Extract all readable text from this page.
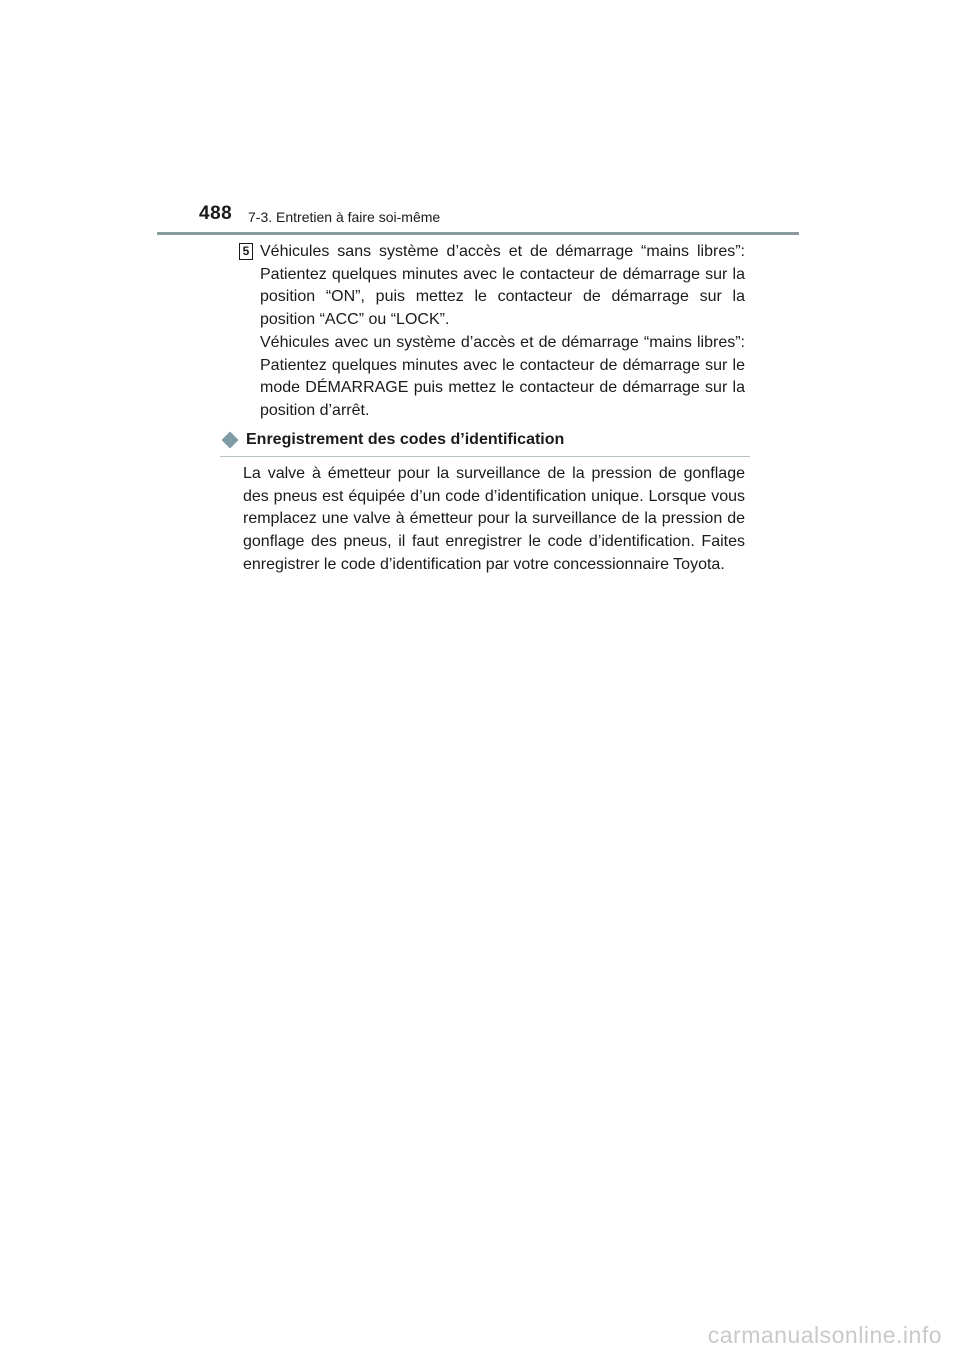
488 7-3. Entretien à faire soi-même
5 Véhicules sans système d’accès et de démarrage “mains libres”: Patientez quelques minutes avec le contacteur de démarrage sur la position “ON”, puis mettez le contacteur de démarrage sur la position “ACC” ou “LOCK”.

Véhicules avec un système d’accès et de démarrage “mains libres”: Patientez quelques minutes avec le contacteur de démarrage sur le mode DÉMARRAGE puis mettez le contacteur de démarrage sur la position d’arrêt.

Enregistrement des codes d’identification

La valve à émetteur pour la surveillance de la pression de gonflage des pneus est équipée d’un code d’identification unique. Lorsque vous remplacez une valve à émetteur pour la surveillance de la pression de gonflage des pneus, il faut enregistrer le code d’identification. Faites enregistrer le code d’identification par votre concessionnaire Toyota.

carmanualsonline.info
